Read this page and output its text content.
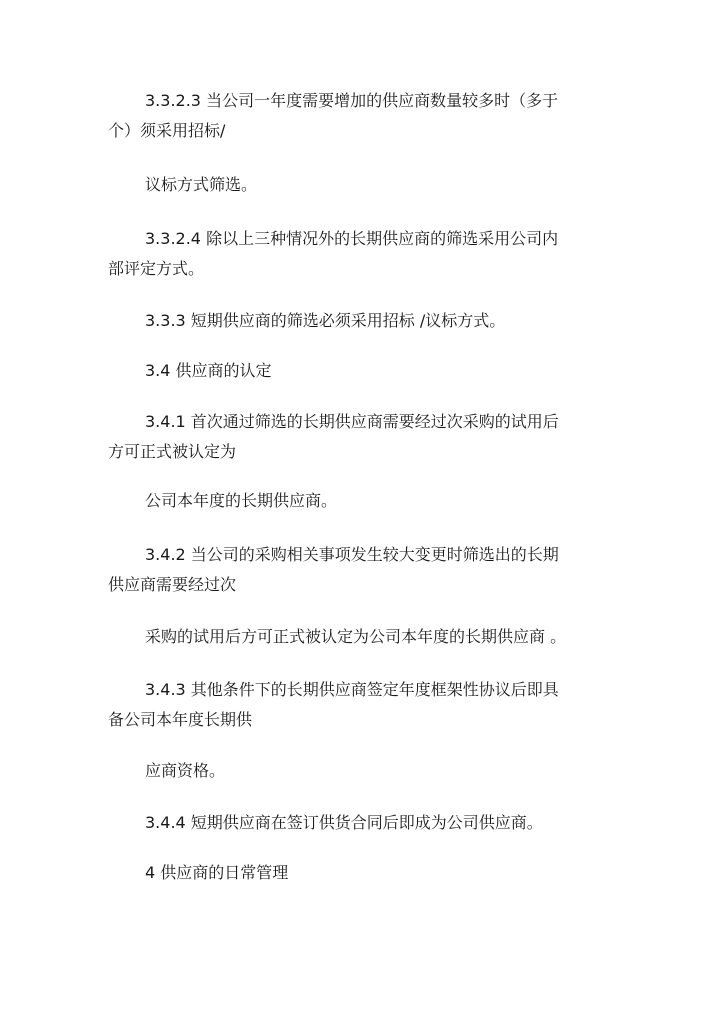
3.3.2.3 当公司一年度需要增加的供应商数量较多时（多于
个）须采用招标/
议标方式筛选。
3.3.2.4 除以上三种情况外的长期供应商的筛选采用公司内
部评定方式。
3.3.3 短期供应商的筛选必须采用招标 /议标方式。
3.4 供应商的认定
3.4.1 首次通过筛选的长期供应商需要经过次采购的试用后
方可正式被认定为
公司本年度的长期供应商。
3.4.2 当公司的采购相关事项发生较大变更时筛选出的长期
供应商需要经过次
采购的试用后方可正式被认定为公司本年度的长期供应商 。
3.4.3 其他条件下的长期供应商签定年度框架性协议后即具
备公司本年度长期供
应商资格。
3.4.4 短期供应商在签订供货合同后即成为公司供应商。
4 供应商的日常管理
